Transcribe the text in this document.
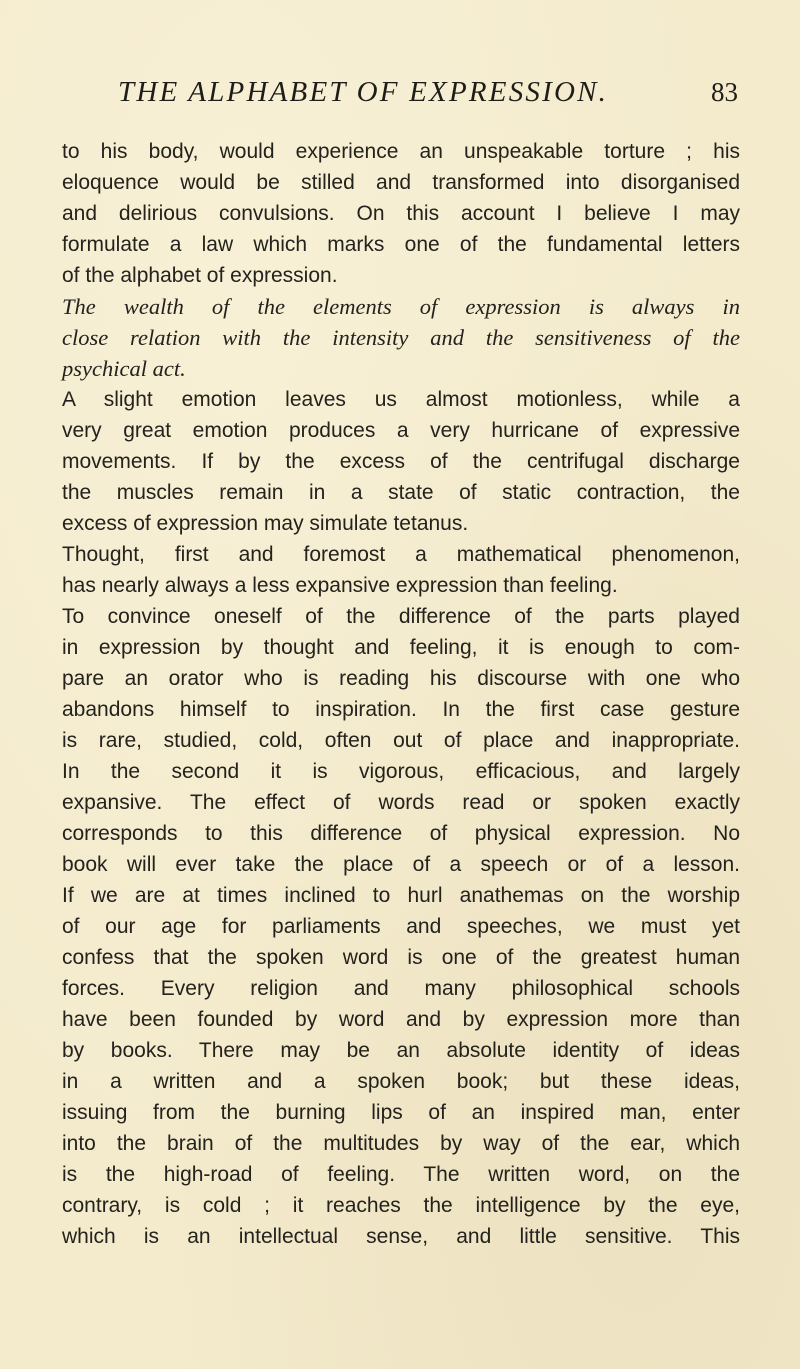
THE ALPHABET OF EXPRESSION.	83
to his body, would experience an unspeakable torture ; his
eloquence would be stilled and transformed into disorganised
and delirious convulsions. On this account I believe I may
formulate a law which marks one of the fundamental letters
of the alphabet of expression.
The wealth of the elements of expression is always in
close relation with the intensity and the sensitiveness of the
psychical act.
A slight emotion leaves us almost motionless, while a
very great emotion produces a very hurricane of expressive
movements. If by the excess of the centrifugal discharge
the muscles remain in a state of static contraction, the
excess of expression may simulate tetanus.
Thought, first and foremost a mathematical phenomenon,
has nearly always a less expansive expression than feeling.
To convince oneself of the difference of the parts played
in expression by thought and feeling, it is enough to com-
pare an orator who is reading his discourse with one who
abandons himself to inspiration. In the first case gesture
is rare, studied, cold, often out of place and inappropriate.
In the second it is vigorous, efficacious, and largely
expansive. The effect of words read or spoken exactly
corresponds to this difference of physical expression. No
book will ever take the place of a speech or of a lesson.
If we are at times inclined to hurl anathemas on the worship
of our age for parliaments and speeches, we must yet
confess that the spoken word is one of the greatest human
forces. Every religion and many philosophical schools
have been founded by word and by expression more than
by books. There may be an absolute identity of ideas
in a written and a spoken book; but these ideas,
issuing from the burning lips of an inspired man, enter
into the brain of the multitudes by way of the ear, which
is the high-road of feeling. The written word, on the
contrary, is cold ; it reaches the intelligence by the eye,
which is an intellectual sense, and little sensitive. This
